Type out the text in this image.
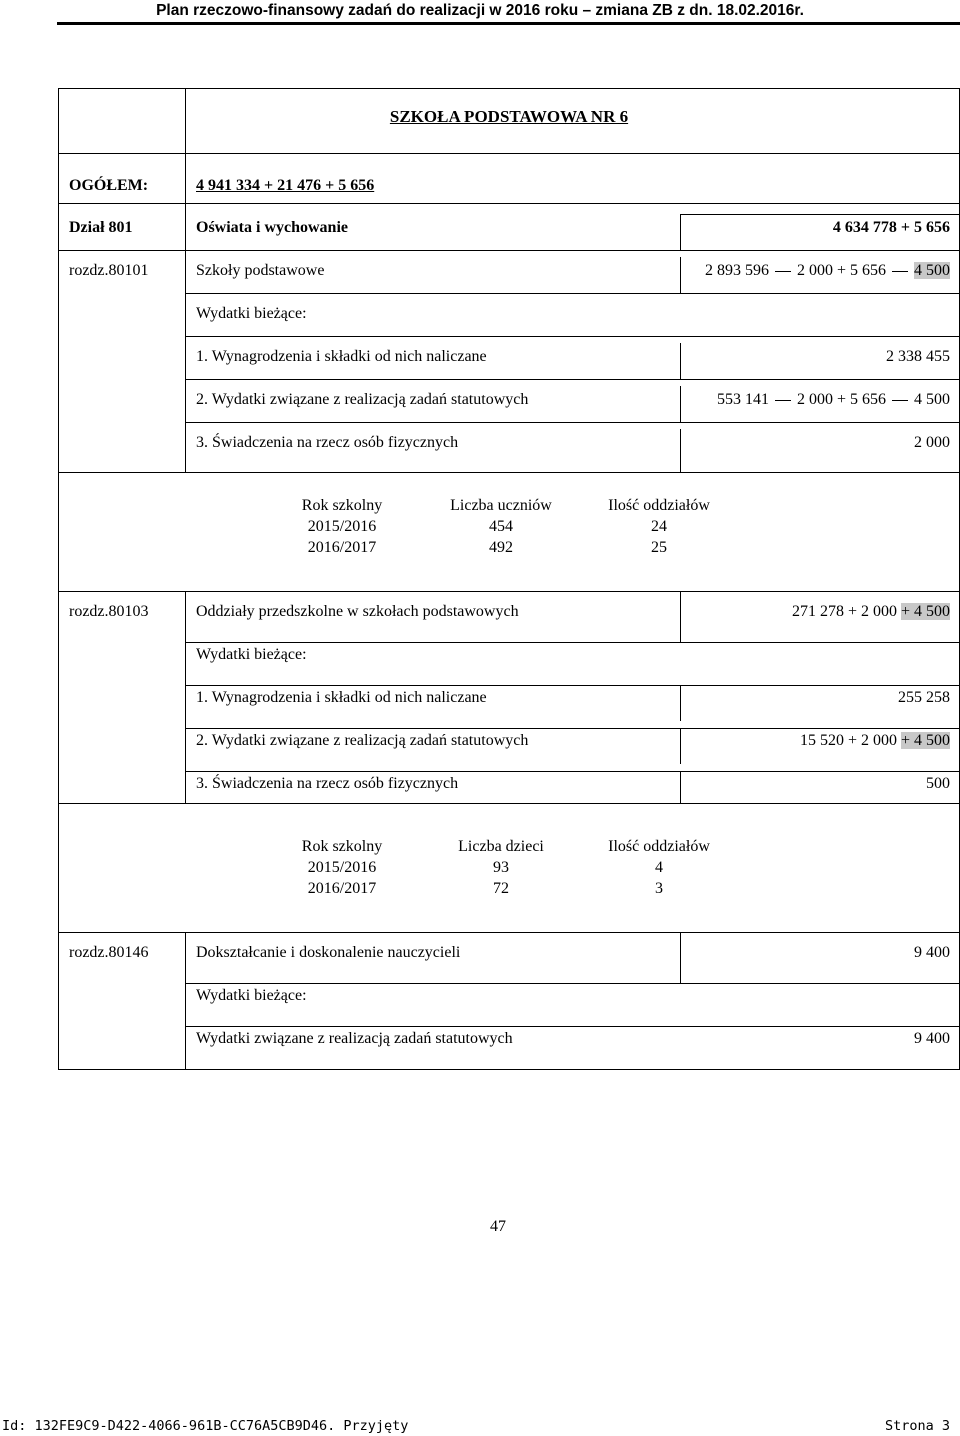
Plan rzeczowo-finansowy zadań do realizacji w 2016 roku – zmiana ZB z dn. 18.02.2016r.
SZKOŁA PODSTAWOWA NR 6
OGÓŁEM:	4 941 334 + 21 476 + 5 656
Dział 801	Oświata i wychowanie	4 634 778 + 5 656
rozdz.80101	Szkoły podstawowe	2 893 596 2 000 + 5 656 4 500
Wydatki bieżące:
1. Wynagrodzenia i składki od nich naliczane	2 338 455
2. Wydatki związane z realizacją zadań statutowych	553 141 2 000 + 5 656 4 500
3. Świadczenia na rzecz osób fizycznych	2 000
Rok szkolny	Liczba uczniów	Ilość oddziałów
2015/2016	454	24
2016/2017	492	25
rozdz.80103	Oddziały przedszkolne w szkołach podstawowych	271 278 + 2 000 + 4 500
Wydatki bieżące:
1. Wynagrodzenia i składki od nich naliczane	255 258
2. Wydatki związane z realizacją zadań statutowych	15 520 + 2 000 + 4 500
3. Świadczenia na rzecz osób fizycznych	500
Rok szkolny	Liczba dzieci	Ilość oddziałów
2015/2016	93	4
2016/2017	72	3
rozdz.80146	Dokształcanie i doskonalenie nauczycieli	9 400
Wydatki bieżące:
Wydatki związane z realizacją zadań statutowych	9 400
47
Id: 132FE9C9-D422-4066-961B-CC76A5CB9D46. Przyjęty	Strona 3
